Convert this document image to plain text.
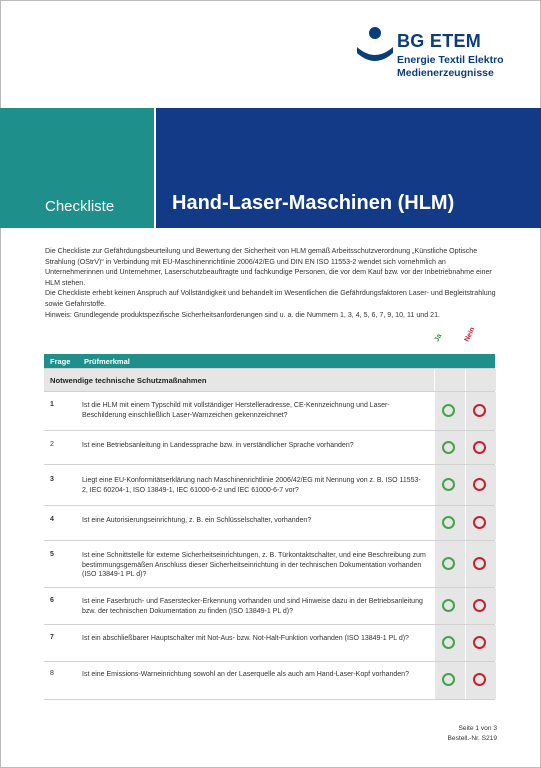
BG ETEM
Energie Textil Elektro
Medienerzeugnisse
Checkliste	Hand-Laser-Maschinen (HLM)

Die Checkliste zur Gefährdungsbeurteilung und Bewertung der Sicherheit von HLM gemäß Arbeitsschutzverordnung „Künstliche Optische Strahlung (OStrV)“ in Verbindung mit EU-Maschinenrichtlinie 2006/42/EG und DIN EN ISO 11553-2 wendet sich vornehmlich an Unternehmerinnen und Unternehmer, Laserschutzbeauftragte und fachkundige Personen, die vor dem Kauf bzw. vor der Inbetriebnahme einer HLM stehen.

Die Checkliste erhebt keinen Anspruch auf Vollständigkeit und behandelt im Wesentlichen die Gefährdungsfaktoren Laser- und Begleitstrahlung sowie Gefahrstoffe.

Hinweis: Grundlegende produktspezifische Sicherheitsanforderungen sind u. a. die Nummern 1, 3, 4, 5, 6, 7, 9, 10, 11 und 21.

Ja	Nein
Frage Prüfmerkmal
Notwendige technische Schutzmaßnahmen
1	Ist die HLM mit einem Typschild mit vollständiger Herstelleradresse, CE-Kennzeichnung und Laser-Beschilderung einschließlich Laser-Warnzeichen gekennzeichnet?
2	Ist eine Betriebsanleitung in Landessprache bzw. in verständlicher Sprache vorhanden?
3	Liegt eine EU-Konformitätserklärung nach Maschinenrichtlinie 2006/42/EG mit Nennung von z. B. ISO 11553-2, IEC 60204-1, ISO 13849-1, IEC 61000-6-2 und IEC 61000-6-7 vor?
4	Ist eine Autorisierungseinrichtung, z. B. ein Schlüsselschalter, vorhanden?
5	Ist eine Schnittstelle für externe Sicherheitseinrichtungen, z. B. Türkontaktschalter, und eine Beschreibung zum bestimmungsgemäßen Anschluss dieser Sicherheitseinrichtung in der technischen Dokumentation vorhanden (ISO 13849-1 PL d)?
6	Ist eine Faserbruch- und Faserstecker-Erkennung vorhanden und sind Hinweise dazu in der Betriebsanleitung bzw. der technischen Dokumentation zu finden (ISO 13849-1 PL d)?
7	Ist ein abschließbarer Hauptschalter mit Not-Aus- bzw. Not-Halt-Funktion vorhanden (ISO 13849-1 PL d)?
8	Ist eine Emissions-Warneinrichtung sowohl an der Laserquelle als auch am Hand-Laser-Kopf vorhanden?
Seite 1 von 3
Bestell.-Nr. S219
